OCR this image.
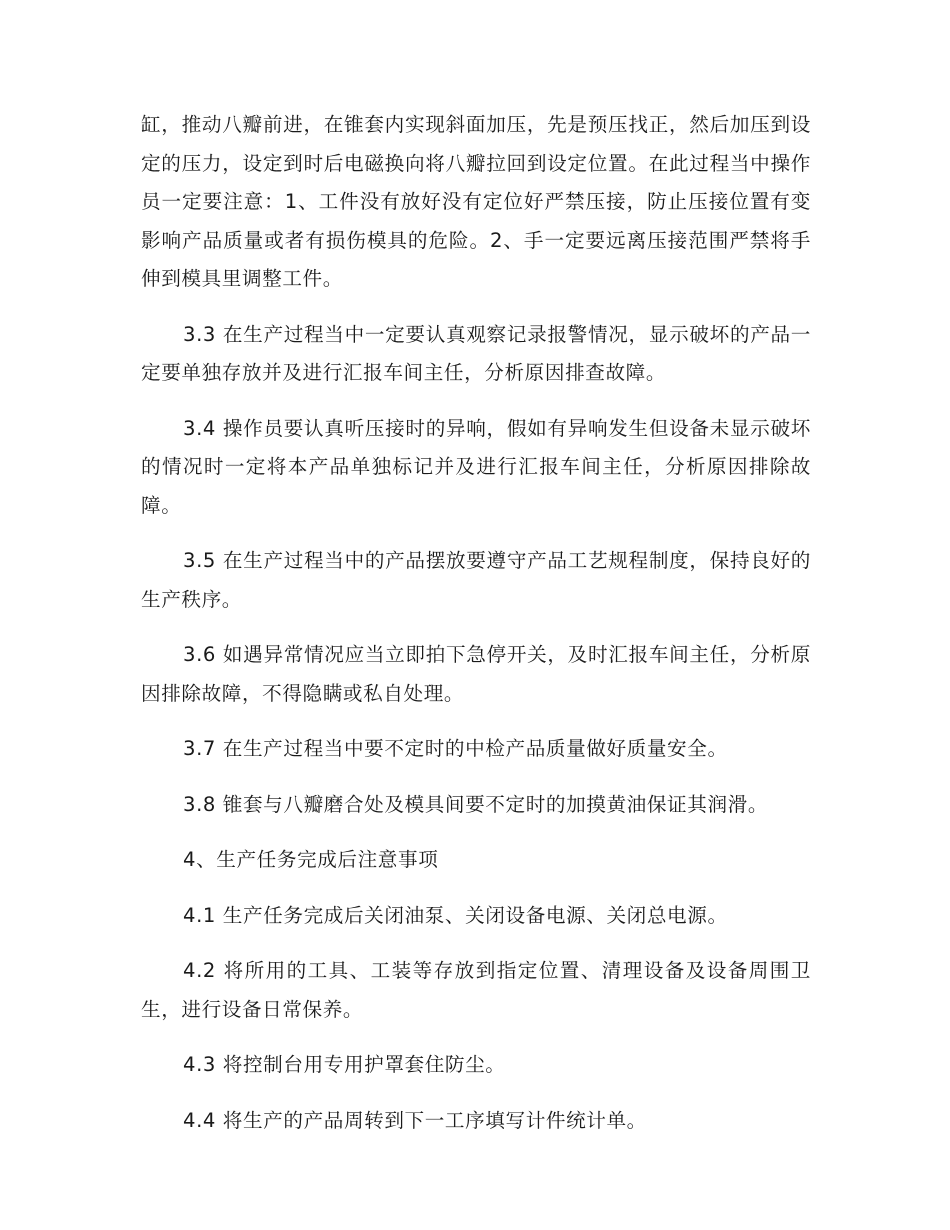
缸，推动八瓣前进，在锥套内实现斜面加压，先是预压找正，然后加压到设定的压力，设定到时后电磁换向将八瓣拉回到设定位置。在此过程当中操作员一定要注意：1、工件没有放好没有定位好严禁压接，防止压接位置有变影响产品质量或者有损伤模具的危险。2、手一定要远离压接范围严禁将手伸到模具里调整工件。

3.3 在生产过程当中一定要认真观察记录报警情况，显示破坏的产品一定要单独存放并及进行汇报车间主任，分析原因排查故障。

3.4 操作员要认真听压接时的异响，假如有异响发生但设备未显示破坏的情况时一定将本产品单独标记并及进行汇报车间主任，分析原因排除故障。

3.5 在生产过程当中的产品摆放要遵守产品工艺规程制度，保持良好的生产秩序。

3.6 如遇异常情况应当立即拍下急停开关，及时汇报车间主任，分析原因排除故障，不得隐瞒或私自处理。

3.7 在生产过程当中要不定时的中检产品质量做好质量安全。

3.8 锥套与八瓣磨合处及模具间要不定时的加摸黄油保证其润滑。

4、生产任务完成后注意事项

4.1 生产任务完成后关闭油泵、关闭设备电源、关闭总电源。

4.2 将所用的工具、工装等存放到指定位置、清理设备及设备周围卫生，进行设备日常保养。

4.3 将控制台用专用护罩套住防尘。

4.4 将生产的产品周转到下一工序填写计件统计单。
